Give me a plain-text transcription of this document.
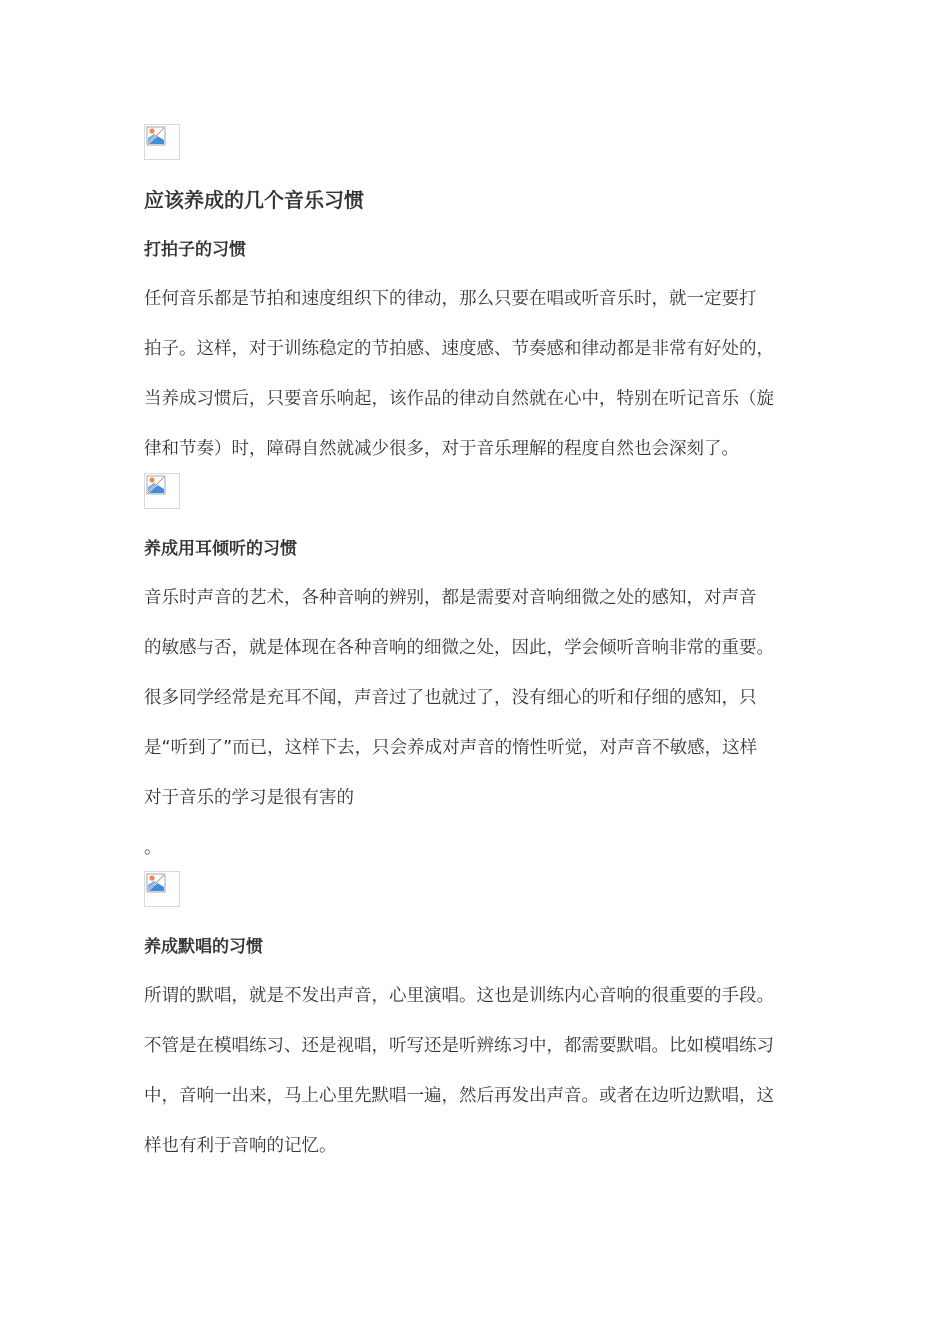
应该养成的几个音乐习惯
打拍子的习惯
任何音乐都是节拍和速度组织下的律动，那么只要在唱或听音乐时，就一定要打
拍子。这样，对于训练稳定的节拍感、速度感、节奏感和律动都是非常有好处的，
当养成习惯后，只要音乐响起，该作品的律动自然就在心中，特别在听记音乐（旋
律和节奏）时，障碍自然就减少很多，对于音乐理解的程度自然也会深刻了。
养成用耳倾听的习惯
音乐时声音的艺术，各种音响的辨别，都是需要对音响细微之处的感知，对声音
的敏感与否，就是体现在各种音响的细微之处，因此，学会倾听音响非常的重要。
很多同学经常是充耳不闻，声音过了也就过了，没有细心的听和仔细的感知，只
是“听到了”而已，这样下去，只会养成对声音的惰性听觉，对声音不敏感，这样
对于音乐的学习是很有害的
。
养成默唱的习惯
所谓的默唱，就是不发出声音，心里演唱。这也是训练内心音响的很重要的手段。
不管是在模唱练习、还是视唱，听写还是听辨练习中，都需要默唱。比如模唱练习
中，音响一出来，马上心里先默唱一遍，然后再发出声音。或者在边听边默唱，这
样也有利于音响的记忆。
